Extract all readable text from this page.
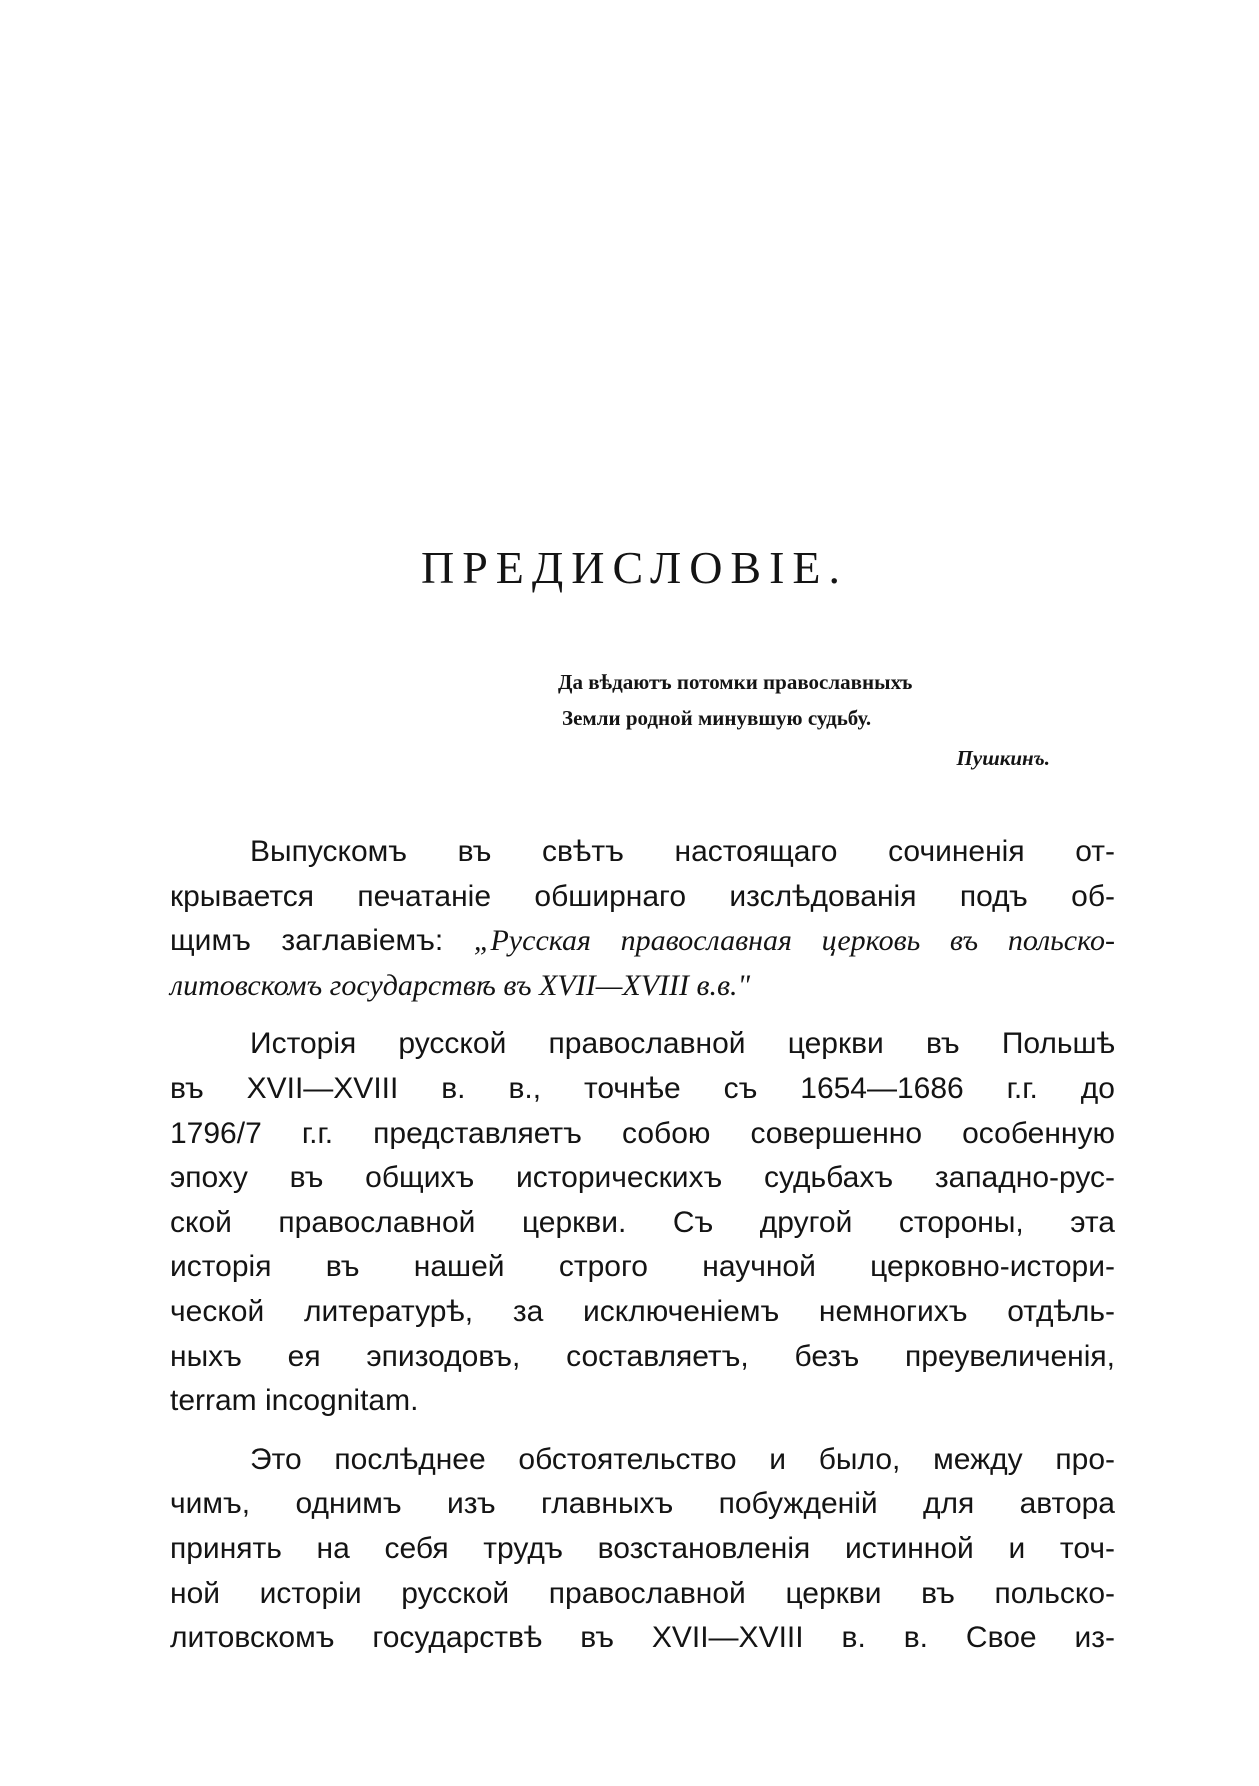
ПРЕДИСЛОВІЕ.
Да вѣдаютъ потомки православныхъ
Земли родной минувшую судьбу.
Пушкинъ.
Выпускомъ въ свѣтъ настоящаго сочиненія от-
крывается печатаніе обширнаго изслѣдованія подъ об-
щимъ заглавіемъ: „Русская православная церковь въ польско-
литовскомъ государствѣ въ XVII—XVIII в.в."
Исторія русской православной церкви въ Польшѣ
въ XVII—XVIII в. в., точнѣе съ 1654—1686 г.г. до
1796/7 г.г. представляетъ собою совершенно особенную
эпоху въ общихъ историческихъ судьбахъ западно-рус-
ской православной церкви. Съ другой стороны, эта
исторія въ нашей строго научной церковно-истори-
ческой литературѣ, за исключеніемъ немногихъ отдѣль-
ныхъ ея эпизодовъ, составляетъ, безъ преувеличенія,
terram incognitam.
Это послѣднее обстоятельство и было, между про-
чимъ, однимъ изъ главныхъ побужденій для автора
принять на себя трудъ возстановленія истинной и точ-
ной исторіи русской православной церкви въ польско-
литовскомъ государствѣ въ XVII—XVIII в. в. Свое из-
